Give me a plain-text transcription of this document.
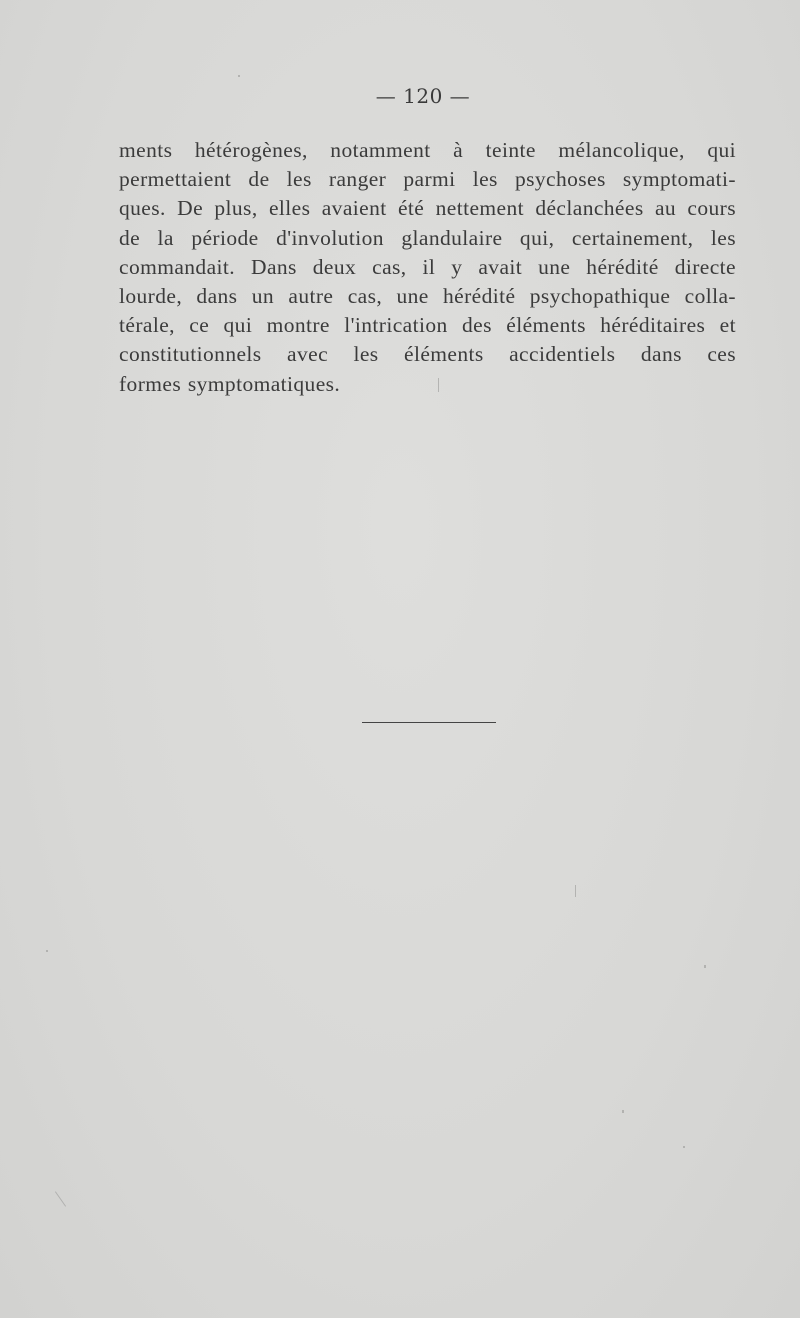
— 120 —
ments hétérogènes, notamment à teinte mélancolique, qui
permettaient de les ranger parmi les psychoses symptomati-
ques. De plus, elles avaient été nettement déclanchées au cours
de la période d'involution glandulaire qui, certainement, les
commandait. Dans deux cas, il y avait une hérédité directe
lourde, dans un autre cas, une hérédité psychopathique colla-
térale, ce qui montre l'intrication des éléments héréditaires et
constitutionnels avec les éléments accidentiels dans ces
formes symptomatiques.
